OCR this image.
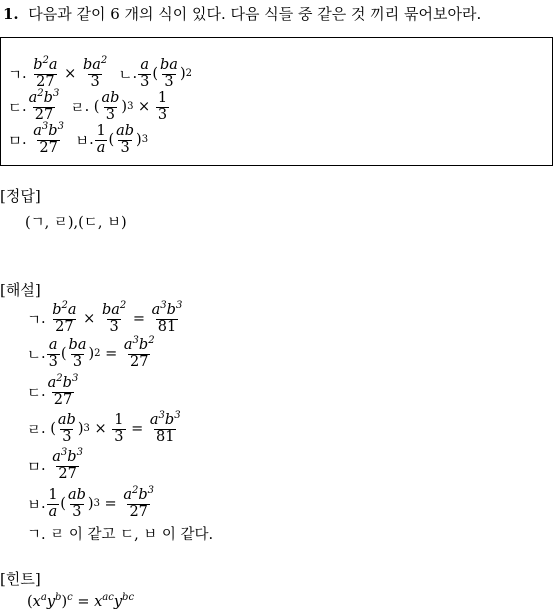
1. 다음과 같이 6 개의 식이 있다. 다음 식들 중 같은 것 끼리 묶어보아라.
ㄱ . $\frac{b^2a}{27} \times \frac{ba^2}{3}$
ㄴ . $\frac{a}{3}$ ( $\frac{ba}{3}$ ) 2
ㄷ . $\frac{a^2b^3}{27}$
ㄹ . ( $\frac{ab}{3}$ ) $3 \times \frac{1}{3}$
ㅁ . $\frac{a^3b^3}{27}$
ㅂ . $\frac{1}{a}$ ( $\frac{ab}{3}$ ) 3
[정답]
(ㄱ, ㄹ),(ㄷ, ㅂ)
[해설]
ㄱ . $\frac{b^2a}{27} \times \frac{ba^2}{3} = \frac{a^3b^3}{81}$
ㄴ . $\frac{a}{3}$ ( $\frac{ba}{3}$ ) $2 = \frac{a^3b^2}{27}$
ㄷ . $\frac{a^2b^3}{27}$
ㄹ . ( $\frac{ab}{3}$ ) $3 \times \frac{1}{3} = \frac{a^3b^3}{81}$
ㅁ . $\frac{a^3b^3}{27}$
ㅂ . $\frac{1}{a}$ ( $\frac{ab}{3}$ ) $3 = \frac{a^2b^3}{27}$
ㄱ. ㄹ 이 같고 ㄷ, ㅂ 이 같다.
[힌트]
$(x^ay^b)^c = x^{ac}y^{bc}$
